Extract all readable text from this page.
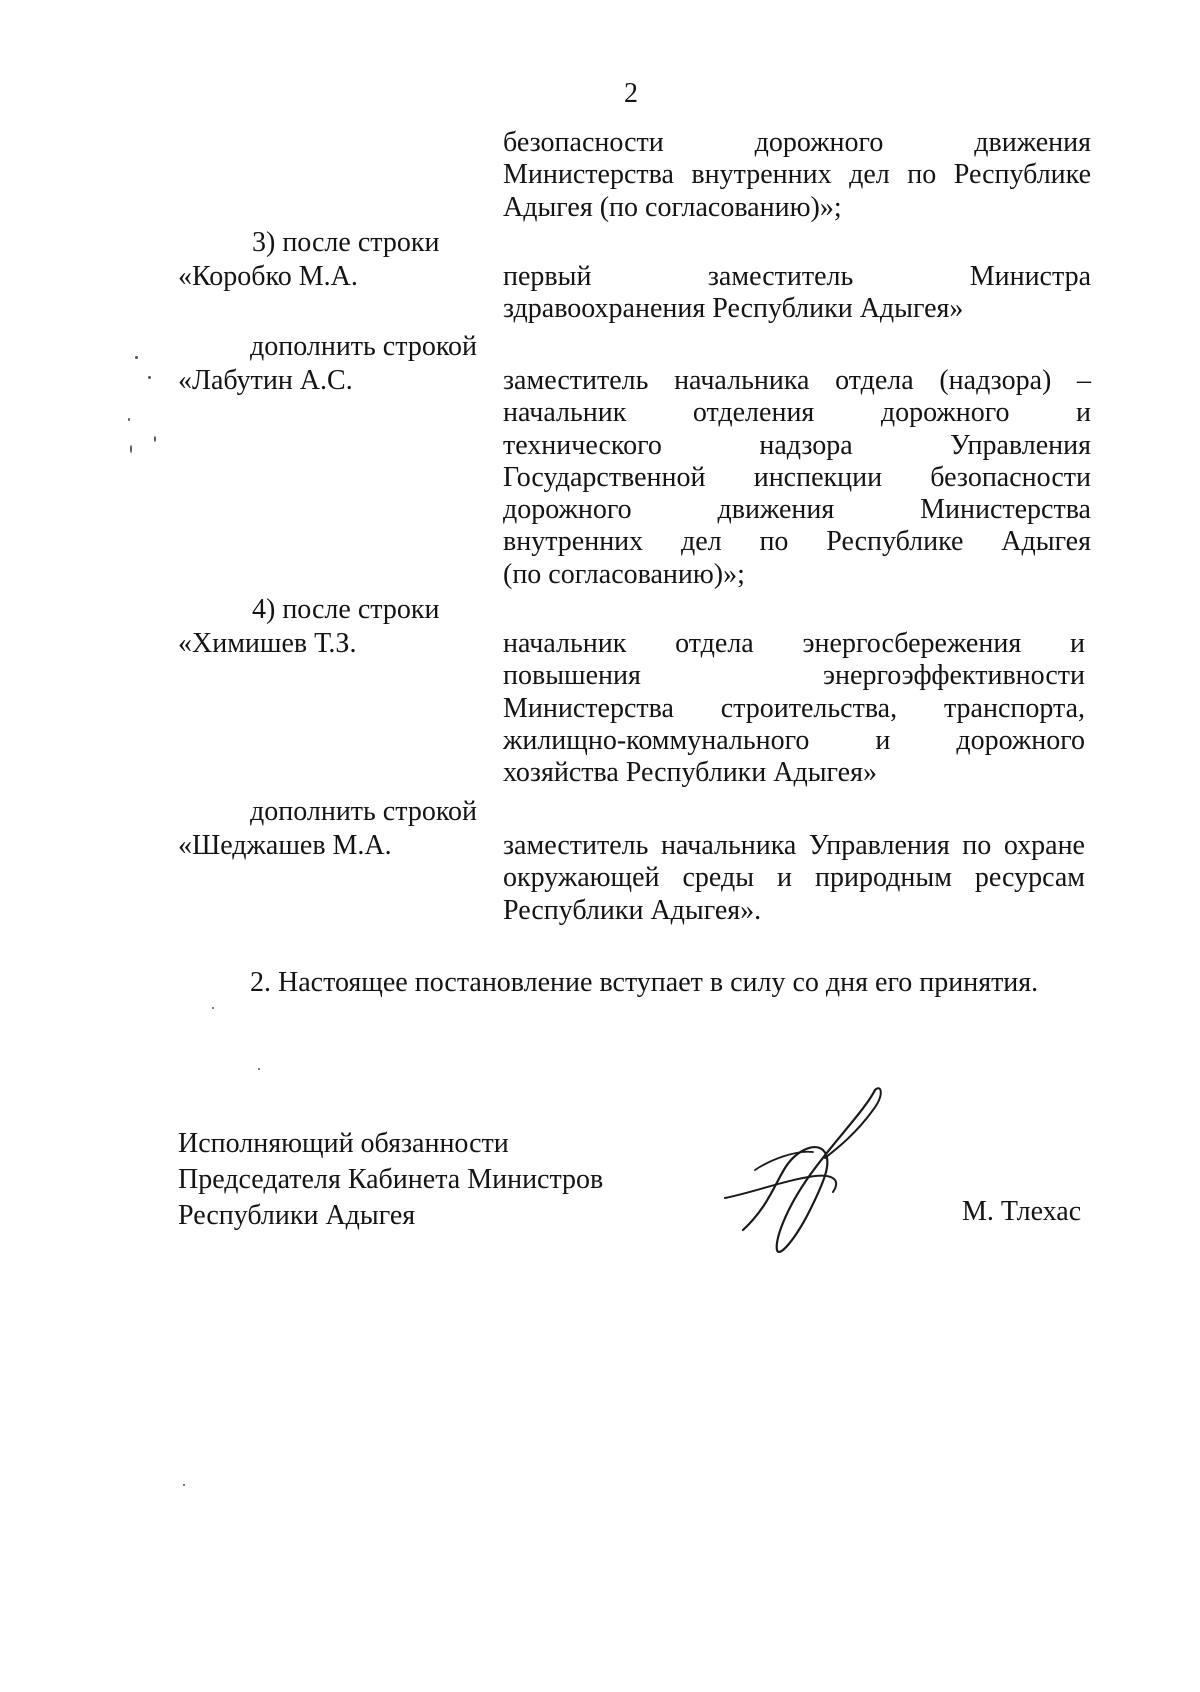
2
безопасности дорожного движения
Министерства внутренних дел по Республике
Адыгея (по согласованию)»;
3) после строки
«Коробко М.А.	первый заместитель Министра
здравоохранения Республики Адыгея»
дополнить строкой
«Лабутин А.С.	заместитель начальника отдела (надзора) –
начальник отделения дорожного и
технического надзора Управления
Государственной инспекции безопасности
дорожного движения Министерства
внутренних дел по Республике Адыгея
(по согласованию)»;
4) после строки
«Химишев Т.З.	начальник отдела энергосбережения и
повышения энергоэффективности
Министерства строительства, транспорта,
жилищно-коммунального и дорожного
хозяйства Республики Адыгея»
дополнить строкой
«Шеджашев М.А.	заместитель начальника Управления по охране
окружающей среды и природным ресурсам
Республики Адыгея».
2. Настоящее постановление вступает в силу со дня его принятия.
Исполняющий обязанности
Председателя Кабинета Министров
Республики Адыгея	М. Тлехас
